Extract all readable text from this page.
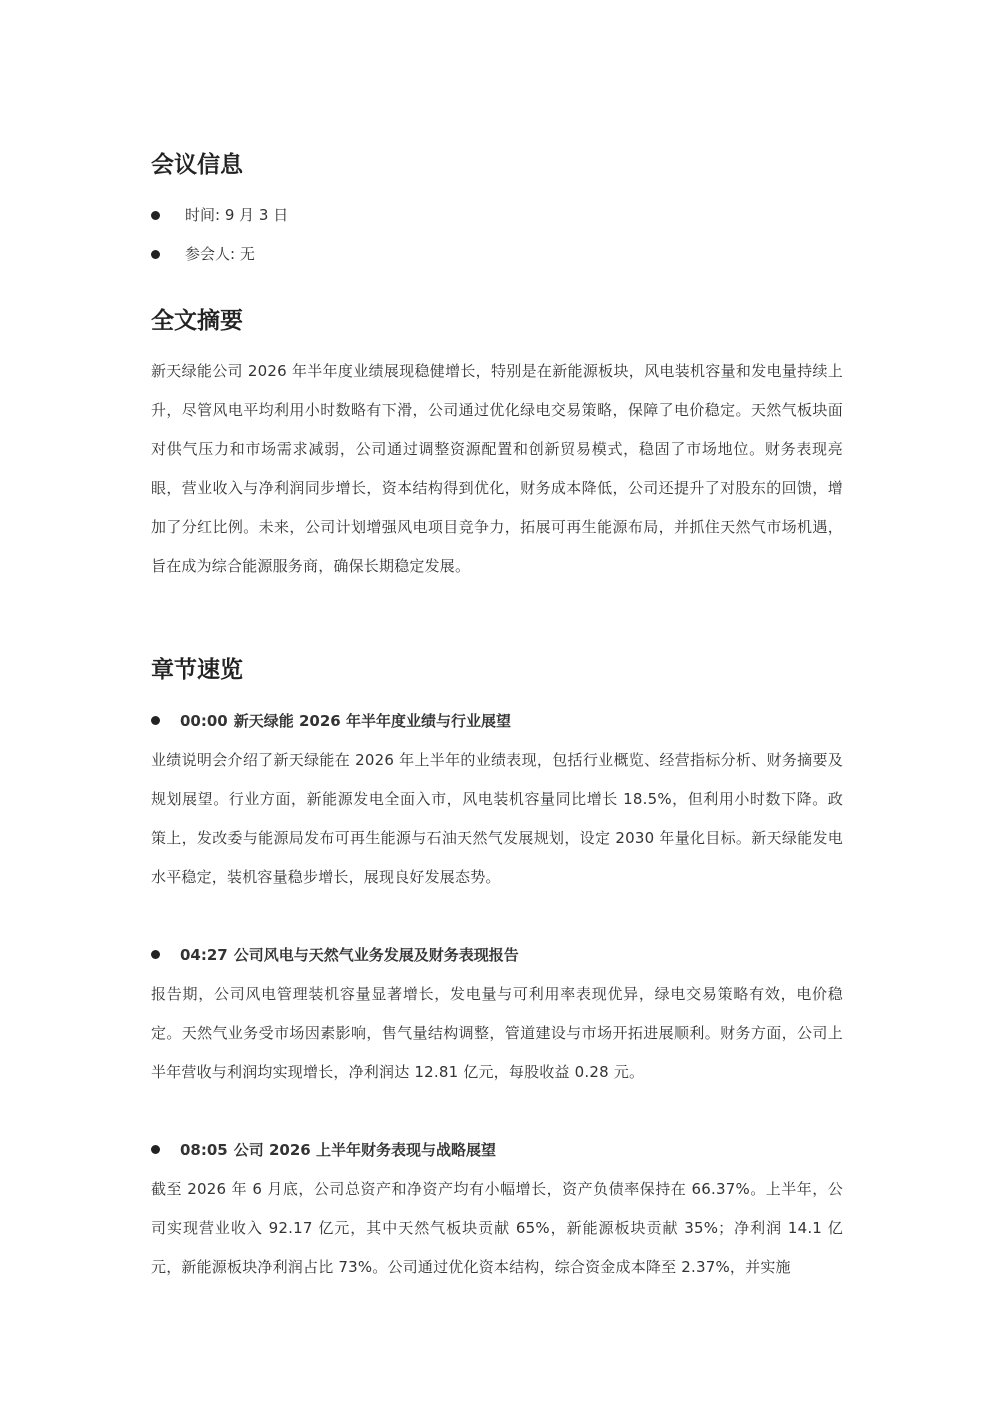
会议信息
时间: 9 月 3 日
参会人: 无
全文摘要

新天绿能公司 2026 年半年度业绩展现稳健增长，特别是在新能源板块，风电装机容量和发电量持续上升，尽管风电平均利用小时数略有下滑，公司通过优化绿电交易策略，保障了电价稳定。天然气板块面对供气压力和市场需求减弱，公司通过调整资源配置和创新贸易模式，稳固了市场地位。财务表现亮眼，营业收入与净利润同步增长，资本结构得到优化，财务成本降低，公司还提升了对股东的回馈，增加了分红比例。未来，公司计划增强风电项目竞争力，拓展可再生能源布局，并抓住天然气市场机遇，旨在成为综合能源服务商，确保长期稳定发展。

章节速览
00:00 新天绿能 2026 年半年度业绩与行业展望

业绩说明会介绍了新天绿能在 2026 年上半年的业绩表现，包括行业概览、经营指标分析、财务摘要及规划展望。行业方面，新能源发电全面入市，风电装机容量同比增长 18.5%，但利用小时数下降。政策上，发改委与能源局发布可再生能源与石油天然气发展规划，设定 2030 年量化目标。新天绿能发电水平稳定，装机容量稳步增长，展现良好发展态势。

04:27 公司风电与天然气业务发展及财务表现报告

报告期，公司风电管理装机容量显著增长，发电量与可利用率表现优异，绿电交易策略有效，电价稳定。天然气业务受市场因素影响，售气量结构调整，管道建设与市场开拓进展顺利。财务方面，公司上半年营收与利润均实现增长，净利润达 12.81 亿元，每股收益 0.28 元。

08:05 公司 2026 上半年财务表现与战略展望

截至 2026 年 6 月底，公司总资产和净资产均有小幅增长，资产负债率保持在 66.37%。上半年，公司实现营业收入 92.17 亿元，其中天然气板块贡献 65%，新能源板块贡献 35%；净利润 14.1 亿元，新能源板块净利润占比 73%。公司通过优化资本结构，综合资金成本降至 2.37%，并实施
